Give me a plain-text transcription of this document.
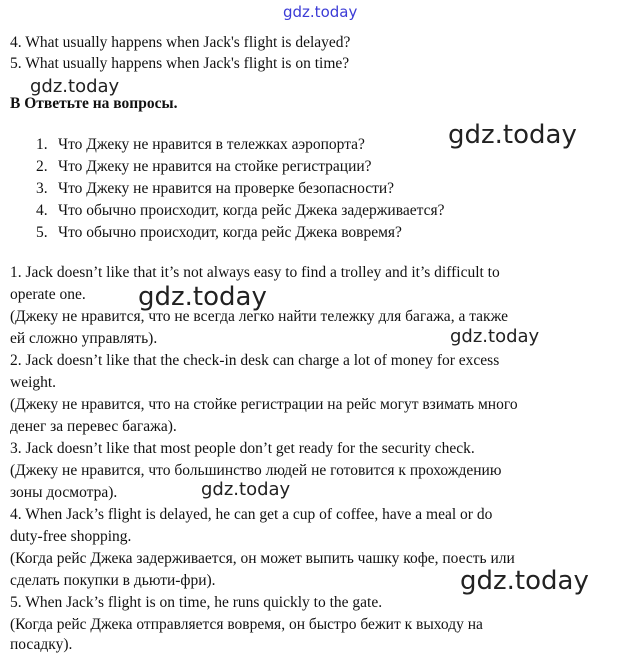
gdz.today
gdz.today
gdz.today
gdz.today
gdz.today
gdz.today
gdz.today
4. What usually happens when Jack's flight is delayed?
5. What usually happens when Jack's flight is on time?
В Ответьте на вопросы.
1. Что Джеку не нравится в тележках аэропорта?
2. Что Джеку не нравится на стойке регистрации?
3. Что Джеку не нравится на проверке безопасности?
4. Что обычно происходит, когда рейс Джека задерживается?
5. Что обычно происходит, когда рейс Джека вовремя?
1. Jack doesn’t like that it’s not always easy to find a trolley and it’s difficult to
operate one.
(Джеку не нравится, что не всегда легко найти тележку для багажа, а также
ей сложно управлять).
2. Jack doesn’t like that the check-in desk can charge a lot of money for excess
weight.
(Джеку не нравится, что на стойке регистрации на рейс могут взимать много
денег за перевес багажа).
3. Jack doesn’t like that most people don’t get ready for the security check.
(Джеку не нравится, что большинство людей не готовится к прохождению
зоны досмотра).
4. When Jack’s flight is delayed, he can get a cup of coffee, have a meal or do
duty-free shopping.
(Когда рейс Джека задерживается, он может выпить чашку кофе, поесть или
сделать покупки в дьюти-фри).
5. When Jack’s flight is on time, he runs quickly to the gate.
(Когда рейс Джека отправляется вовремя, он быстро бежит к выходу на
посадку).
